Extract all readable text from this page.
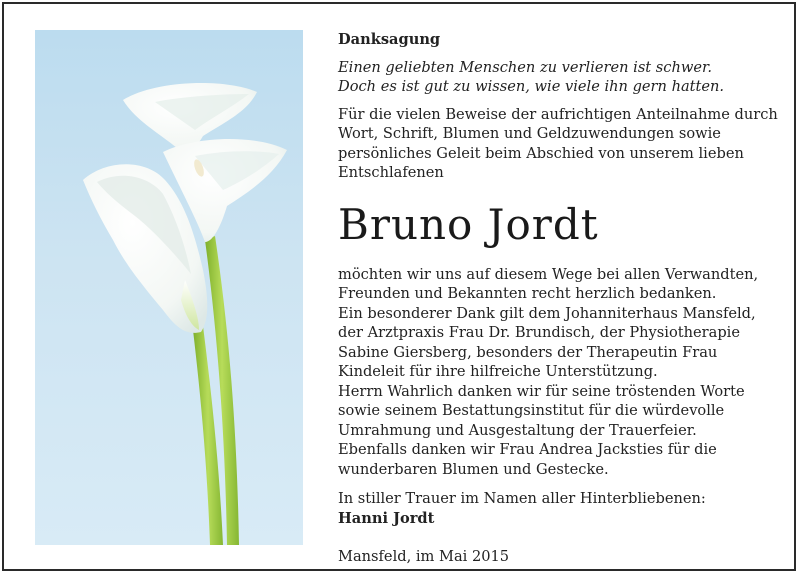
Danksagung
Einen geliebten Menschen zu verlieren ist schwer.
Doch es ist gut zu wissen, wie viele ihn gern hatten.

Für die vielen Beweise der aufrichtigen Anteilnahme durch Wort, Schrift, Blumen und Geldzuwendungen sowie persönliches Geleit beim Abschied von unserem lieben Entschlafenen

Bruno Jordt

möchten wir uns auf diesem Wege bei allen Verwandten, Freunden und Bekannten recht herzlich bedanken.

Ein besonderer Dank gilt dem Johanniterhaus Mansfeld, der Arztpraxis Frau Dr. Brundisch, der Physiotherapie Sabine Giersberg, besonders der Therapeutin Frau Kindeleit für ihre hilfreiche Unterstützung.

Herrn Wahrlich danken wir für seine tröstenden Worte sowie seinem Bestattungsinstitut für die würdevolle Umrahmung und Ausgestaltung der Trauerfeier.

Ebenfalls danken wir Frau Andrea Jacksties für die wunderbaren Blumen und Gestecke.

In stiller Trauer im Namen aller Hinterbliebenen:

Hanni Jordt

Mansfeld, im Mai 2015
